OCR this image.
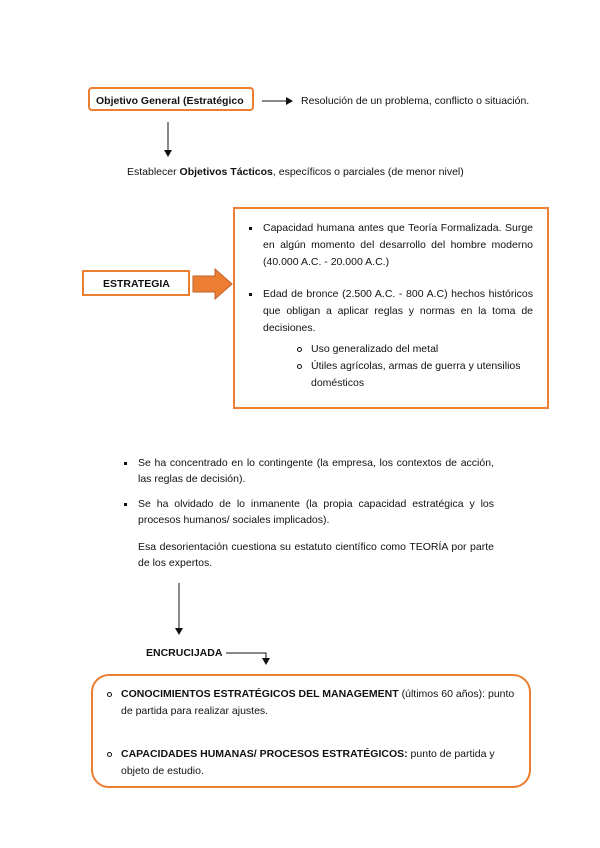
Objetivo General (Estratégico	Resolución de un problema, conflicto o situación.
Establecer Objetivos Tácticos, específicos o parciales (de menor nivel)
ESTRATEGIA
Capacidad humana antes que Teoría Formalizada. Surge en algún momento del desarrollo del hombre moderno (40.000 A.C. - 20.000 A.C.)
Edad de bronce (2.500 A.C. - 800 A.C) hechos históricos que obligan a aplicar reglas y normas en la toma de decisiones.
Uso generalizado del metal
Útiles agrícolas, armas de guerra y utensilios domésticos
Se ha concentrado en lo contingente (la empresa, los contextos de acción, las reglas de decisión).
Se ha olvidado de lo inmanente (la propia capacidad estratégica y los procesos humanos/ sociales implicados).
Esa desorientación cuestiona su estatuto científico como TEORÍA por parte de los expertos.
ENCRUCIJADA
CONOCIMIENTOS ESTRATÉGICOS DEL MANAGEMENT (últimos 60 años): punto de partida para realizar ajustes.
CAPACIDADES HUMANAS/ PROCESOS ESTRATÉGICOS: punto de partida y objeto de estudio.
